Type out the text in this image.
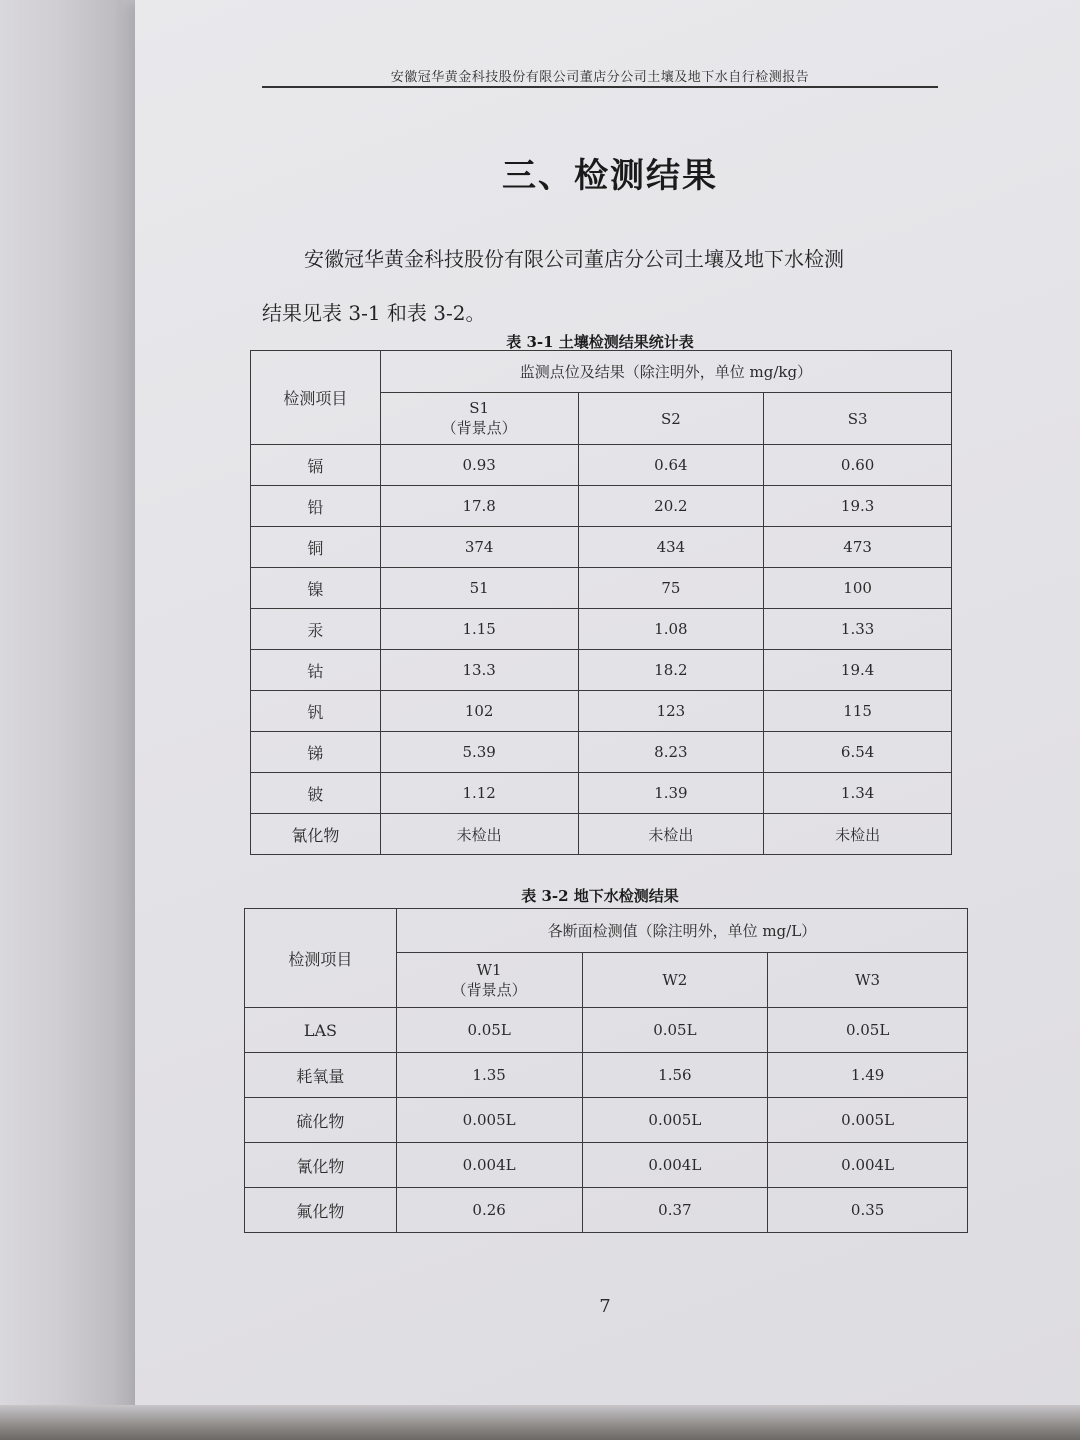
安徽冠华黄金科技股份有限公司董店分公司土壤及地下水自行检测报告
三、检测结果
安徽冠华黄金科技股份有限公司董店分公司土壤及地下水检测
结果见表 3-1 和表 3-2。
表 3-1 土壤检测结果统计表
检测项目	监测点位及结果（除注明外，单位 mg/kg）		

	S1
（背景点）	S2	S3

镉	0.93	0.64	0.60
铅	17.8	20.2	19.3
铜	374	434	473
镍	51	75	100
汞	1.15	1.08	1.33
钴	13.3	18.2	19.4
钒	102	123	115
锑	5.39	8.23	6.54
铍	1.12	1.39	1.34
氰化物	未检出	未检出	未检出
表 3-2 地下水检测结果
检测项目	各断面检测值（除注明外，单位 mg/L）		

	W1
（背景点）	W2	W3

LAS	0.05L	0.05L	0.05L
耗氧量	1.35	1.56	1.49
硫化物	0.005L	0.005L	0.005L
氰化物	0.004L	0.004L	0.004L
氟化物	0.26	0.37	0.35
7
